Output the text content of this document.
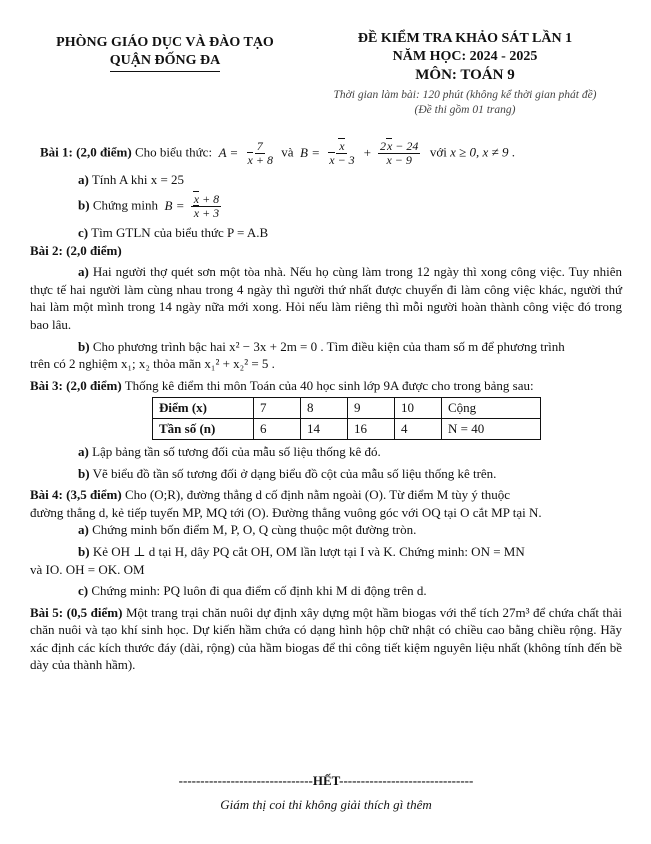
PHÒNG GIÁO DỤC VÀ ĐÀO TẠO
QUẬN ĐỐNG ĐA
ĐỀ KIỂM TRA KHẢO SÁT LẦN 1
NĂM HỌC: 2024 - 2025
MÔN: TOÁN 9
Thời gian làm bài: 120 phút (không kể thời gian phát đề)
(Đề thi gồm 01 trang)

Bài 1: (2,0 điểm) Cho biểu thức:  $A = \frac{7}{x + 8}$ và  $B = \frac{x}{x - 3} + \frac{2x - 24}{x - 9}$ với x ≥ 0, x ≠ 9 .

a) Tính A khi x = 25

b) Chứng minh  $B = \frac{x + 8}{x + 3}$

c) Tìm GTLN của biểu thức P = A.B

Bài 2: (2,0 điểm)

a) Hai người thợ quét sơn một tòa nhà. Nếu họ cùng làm trong 12 ngày thì xong công việc. Tuy nhiên thực tế hai người làm cùng nhau trong 4 ngày thì người thứ nhất được chuyển đi làm công việc khác, người thứ hai làm một mình trong 14 ngày nữa mới xong. Hỏi nếu làm riêng thì mỗi người hoàn thành công việc đó trong bao lâu.

b) Cho phương trình bậc hai x² − 3x + 2m = 0 . Tìm điều kiện của tham số m để phương trình

trên có 2 nghiệm x₁; x₂ thỏa mãn x₁² + x₂² = 5 .

Bài 3: (2,0 điểm) Thống kê điểm thi môn Toán của 40 học sinh lớp 9A được cho trong bảng sau:

Điểm (x)	7	8	9	10	Cộng
Tần số (n)	6	14	16	4	N = 40

a) Lập bảng tần số tương đối của mẫu số liệu thống kê đó.

b) Vẽ biểu đồ tần số tương đối ở dạng biểu đồ cột của mẫu số liệu thống kê trên.

Bài 4: (3,5 điểm) Cho (O;R), đường thẳng d cố định nằm ngoài (O). Từ điểm M tùy ý thuộc

đường thẳng d, kẻ tiếp tuyến MP, MQ tới (O). Đường thẳng vuông góc với OQ tại O cắt MP tại N.

a) Chứng minh bốn điểm M, P, O, Q cùng thuộc một đường tròn.

b) Kẻ OH ⊥ d tại H, dây PQ cắt OH, OM lần lượt tại I và K. Chứng minh: ON = MN

và IO. OH = OK. OM

c) Chứng minh: PQ luôn đi qua điểm cố định khi M di động trên d.

Bài 5: (0,5 điểm) Một trang trại chăn nuôi dự định xây dựng một hầm biogas với thể tích 27m³ để chứa chất thải chăn nuôi và tạo khí sinh học. Dự kiến hầm chứa có dạng hình hộp chữ nhật có chiều cao bằng chiều rộng. Hãy xác định các kích thước đáy (dài, rộng) của hầm biogas để thi công tiết kiệm nguyên liệu nhất (không tính đến bề dày của thành hầm).

-------------------------------HẾT-------------------------------
Giám thị coi thi không giải thích gì thêm
